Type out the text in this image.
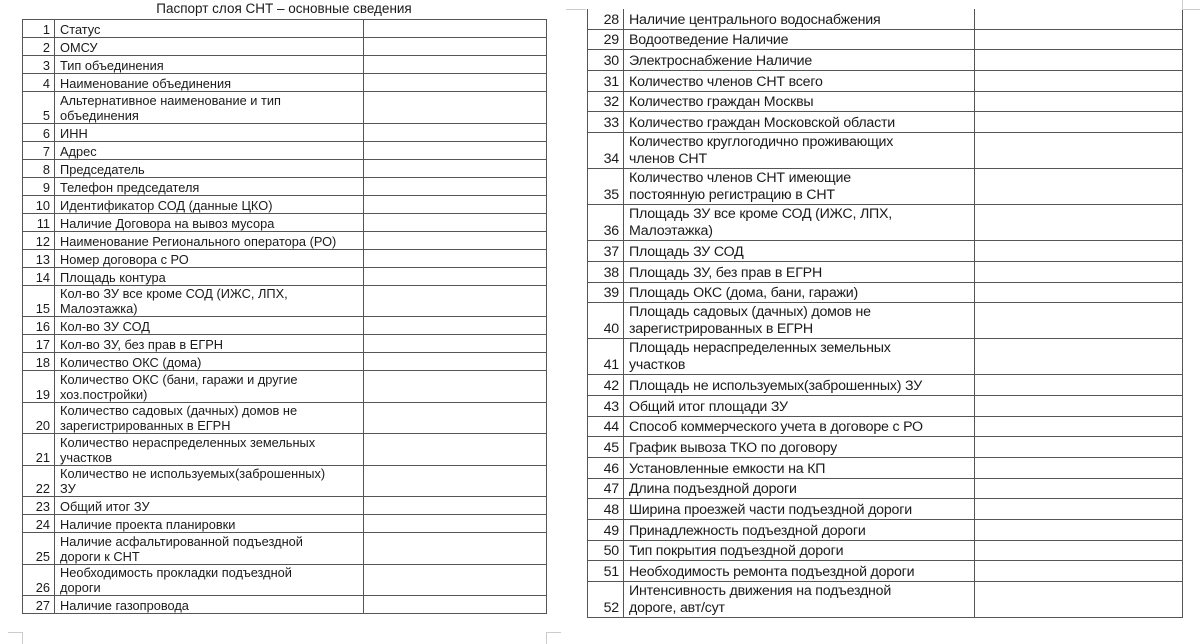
Паспорт слоя СНТ – основные сведения
1	Статус	
2	ОМСУ	
3	Тип объединения	
4	Наименование объединения	
5	Альтернативное наименование и тип
объединения	
6	ИНН	
7	Адрес	
8	Председатель	
9	Телефон председателя	
10	Идентификатор СОД (данные ЦКО)	
11	Наличие Договора на вывоз мусора	
12	Наименование Регионального оператора (РО)	
13	Номер договора с РО	
14	Площадь контура	
15	Кол-во ЗУ все кроме СОД (ИЖС, ЛПХ,
Малоэтажка)	
16	Кол-во ЗУ СОД	
17	Кол-во ЗУ, без прав в ЕГРН	
18	Количество ОКС (дома)	
19	Количество ОКС (бани, гаражи и другие
хоз.постройки)	
20	Количество садовых (дачных) домов не
зарегистрированных в ЕГРН	
21	Количество нераспределенных земельных
участков	
22	Количество не используемых(заброшенных)
ЗУ	
23	Общий итог ЗУ	
24	Наличие проекта планировки	
25	Наличие асфальтированной подъездной
дороги к СНТ	
26	Необходимость прокладки подъездной
дороги	
27	Наличие газопровода	
28	Наличие центрального водоснабжения	
29	Водоотведение Наличие	
30	Электроснабжение Наличие	
31	Количество членов СНТ всего	
32	Количество граждан Москвы	
33	Количество граждан Московской области	
34	Количество круглогодично проживающих
членов СНТ	
35	Количество членов СНТ имеющие
постоянную регистрацию в СНТ	
36	Площадь ЗУ все кроме СОД (ИЖС, ЛПХ,
Малоэтажка)	
37	Площадь ЗУ СОД	
38	Площадь ЗУ, без прав в ЕГРН	
39	Площадь ОКС (дома, бани, гаражи)	
40	Площадь садовых (дачных) домов не
зарегистрированных в ЕГРН	
41	Площадь нераспределенных земельных
участков	
42	Площадь не используемых(заброшенных) ЗУ	
43	Общий итог площади ЗУ	
44	Способ коммерческого учета в договоре с РО	
45	График вывоза ТКО по договору	
46	Установленные емкости на КП	
47	Длина подъездной дороги	
48	Ширина проезжей части подъездной дороги	
49	Принадлежность подъездной дороги	
50	Тип покрытия подъездной дороги	
51	Необходимость ремонта подъездной дороги	
52	Интенсивность движения на подъездной
дороге, авт/сут	
